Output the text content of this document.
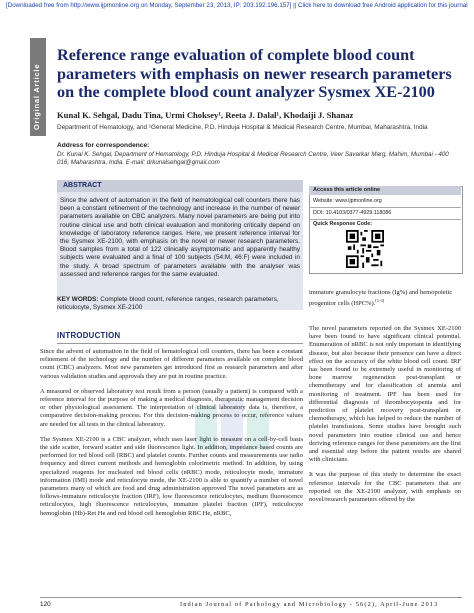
[Downloaded free from http://www.ijpmonline.org on Monday, September 23, 2013, IP: 203.192.196.157] || Click here to download free Android application for this journal
Original Article
Reference range evaluation of complete blood count parameters with emphasis on newer research parameters on the complete blood count analyzer Sysmex XE-2100
Kunal K. Sehgal, Dadu Tina, Urmi Choksey¹, Reeta J. Dalal¹, Khodaiji J. Shanaz
Department of Hematology, and ¹General Medicine, P.D. Hinduja Hospital & Medical Research Centre, Mumbai, Maharashtra, India
Address for correspondence:
Dr. Kunal K. Sehgal, Department of Hematology, P.D. Hinduja Hospital & Medical Research Centre, Veer Savarkar Marg, Mahim, Mumbai - 400 016, Maharashtra, India. E-mail: drkunalsehgal@gmail.com
ABSTRACT
Since the advent of automation in the field of hematological cell counters there has been a constant refinement of the technology and increase in the number of newer parameters available on CBC analyzers. Many novel parameters are being put into routine clinical use and both clinical evaluation and monitoring critically depend on knowledge of laboratory reference ranges. Here, we present reference interval for the Sysmex XE-2100, with emphasis on the novel or newer research parameters. Blood samples from a total of 122 clinically asymptomatic and apparently healthy subjects were evaluated and a final of 100 subjects (54:M, 46:F) were included in the study. A broad spectrum of parameters available with the analyser was assessed and reference ranges for the same evaluated.
KEY WORDS: Complete blood count, reference ranges, research parameters, reticulocyte, Sysmex XE-2100
Access this article online
Website: www.ijpmonline.org
DOI: 10.4103/0377-4929.118086
Quick Response Code:
immature granulocyte fractions (Ig%) and hemopoietic progenitor cells (HPC%).[1-3]
INTRODUCTION

Since the advent of automation in the field of hematological cell counters, there has been a constant refinement of the technology and the number of different parameters available on complete blood count (CBC) analyzers. Most new parameters get introduced first as research parameters and after various validation studies and approvals they are put in routine practice.

A measured or observed laboratory test result from a person (usually a patient) is compared with a reference interval for the purpose of making a medical diagnosis, therapeutic management decision or other physiological assessment. The interpretation of clinical laboratory data is, therefore, a comparative decision-making process. For this decision-making process to occur, reference values are needed for all tests in the clinical laboratory.

The Sysmex XE-2100 is a CBC analyzer, which uses laser light to measure on a cell-by-cell basis the side scatter, forward scatter and side fluorescence light. In addition, impedance based counts are performed for red blood cell (RBC) and platelet counts. Further counts and measurements use radio frequency and direct current methods and hemoglobin colorimetric method. In addition, by using specialized reagents for nucleated red blood cells (nRBC) mode, reticulocyte mode, immature information (IMI) mode and reticulocyte mode, the XE-2100 is able to quantify a number of novel parameters many of which are food and drug administration approved The novel parameters are as follows-immature reticulocyte fraction (IRF), low fluorescence reticulocytes, medium fluorescence reticulocytes, high fluorescence reticulocytes, immature platelet fraction (IPF), reticulocyte hemoglobin (Hb)-Ret He and red blood cell hemoglobin RBC He, nRBC,

The novel parameters reported on the Sysmex XE-2100 have been found to have significant clinical potential. Enumeration of nRBC is not only important in identifying disease, but also because their presence can have a direct effect on the accuracy of the white blood cell count. IRF has been found to be extremely useful in monitoring of bone marrow regeneration post-transplant or chemotherapy and for classification of anemia and monitoring of treatment. IPF has been used for differential diagnosis of thrombocytopenia and for prediction of platelet recovery post-transplant or chemotherapy, which has helped to reduce the number of platelet transfusions. Some studies have brought such novel parameters into routine clinical use and hence deriving reference ranges for these parameters are the first and essential step before the patient results are shared with clinicians.

It was the purpose of this study to determine the exact reference intervals for the CBC parameters that are reported on the XE-2100 analyzer, with emphasis on novel/research parameters offered by the

120	Indian Journal of Pathology and Microbiology - 56(2), April-June 2013
